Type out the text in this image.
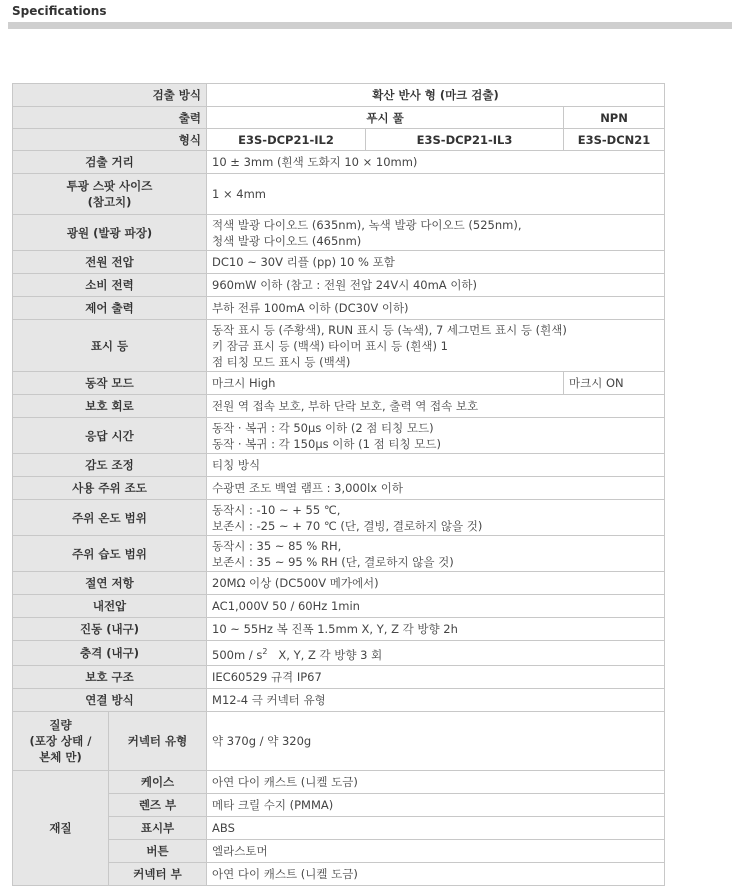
Specifications
검출 방식		확산 반사 형 (마크 검출)		
출력		푸시 풀		NPN
형식		E3S-DCP21-IL2	E3S-DCP21-IL3	E3S-DCN21
검출 거리		10 ± 3mm (흰색 도화지 10 × 10mm)		
투광 스팟 사이즈
(참고치)		1 × 4mm		
광원 (발광 파장)		적색 발광 다이오드 (635nm), 녹색 발광 다이오드 (525nm),
청색 발광 다이오드 (465nm)		
전원 전압		DC10 ~ 30V 리플 (pp) 10 % 포함		
소비 전력		960mW 이하 (참고 : 전원 전압 24V시 40mA 이하)		
제어 출력		부하 전류 100mA 이하 (DC30V 이하)		
표시 등		동작 표시 등 (주황색), RUN 표시 등 (녹색), 7 세그먼트 표시 등 (흰색)
키 잠금 표시 등 (백색) 타이머 표시 등 (흰색) 1
점 티칭 모드 표시 등 (백색)		
동작 모드		마크시 High		마크시 ON
보호 회로		전원 역 접속 보호, 부하 단락 보호, 출력 역 접속 보호		
응답 시간		동작 · 복귀 : 각 50μs 이하 (2 점 티칭 모드)
동작 · 복귀 : 각 150μs 이하 (1 점 티칭 모드)		
감도 조정		티칭 방식		
사용 주위 조도		수광면 조도 백열 램프 : 3,000lx 이하		
주위 온도 범위		동작시 : -10 ~ + 55 ℃,
보존시 : -25 ~ + 70 ℃ (단, 결빙, 결로하지 않을 것)		
주위 습도 범위		동작시 : 35 ~ 85 % RH,
보존시 : 35 ~ 95 % RH (단, 결로하지 않을 것)		
절연 저항		20MΩ 이상 (DC500V 메가에서)		
내전압		AC1,000V 50 / 60Hz 1min		
진동 (내구)		10 ~ 55Hz 복 진폭 1.5mm X, Y, Z 각 방향 2h		
충격 (내구)		$500m / s^2$ X, Y, Z 각 방향 3 회		
보호 구조		IEC60529 규격 IP67		
연결 방식		M12-4 극 커넥터 유형		
질량
(포장 상태 /
본체 만)	커넥터 유형	약 370g / 약 320g		
재질	케이스	아연 다이 캐스트 (니켈 도금)		
	렌즈 부	메타 크릴 수지 (PMMA)		
	표시부	ABS		
	버튼	엘라스토머		
	커넥터 부	아연 다이 캐스트 (니켈 도금)		
